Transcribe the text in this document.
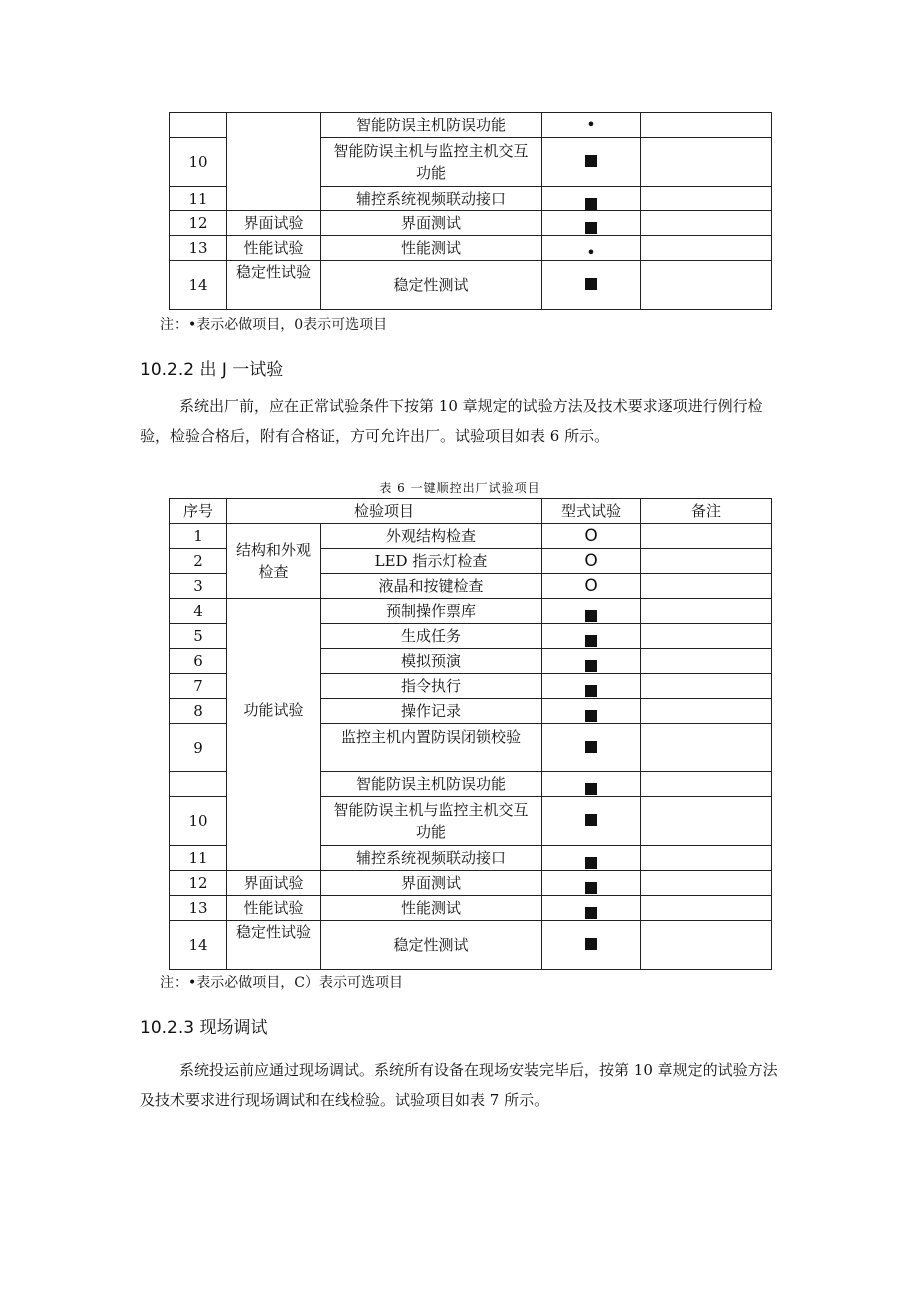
		智能防误主机防误功能	•	
10		智能防误主机与监控主机交互功能		
11		辅控系统视频联动接口		
12	界面试验	界面测试		
13	性能试验	性能测试	•	
14	稳定性试验	稳定性测试		
注：•表示必做项目，0表示可选项目
10.2.2 出 J 一试验
系统出厂前，应在正常试验条件下按第 10 章规定的试验方法及技术要求逐项进行例行检验，检验合格后，附有合格证，方可允许出厂。试验项目如表 6 所示。
表 6 一键顺控出厂试验项目
序号	检验项目		型式试验	备注
1	结构和外观检查	外观结构检查	O	
2		LED 指示灯检查	O	
3		液晶和按键检查	O	
4	功能试验	预制操作票库		
5		生成任务		
6		模拟预演		
7		指令执行		
8		操作记录		
9		监控主机内置防误闭锁校验		
		智能防误主机防误功能		
10		智能防误主机与监控主机交互功能		
11		辅控系统视频联动接口		
12	界面试验	界面测试		
13	性能试验	性能测试		
14	稳定性试验	稳定性测试		
注：•表示必做项目，C）表示可选项目
10.2.3 现场调试
系统投运前应通过现场调试。系统所有设备在现场安装完毕后，按第 10 章规定的试验方法及技术要求进行现场调试和在线检验。试验项目如表 7 所示。
